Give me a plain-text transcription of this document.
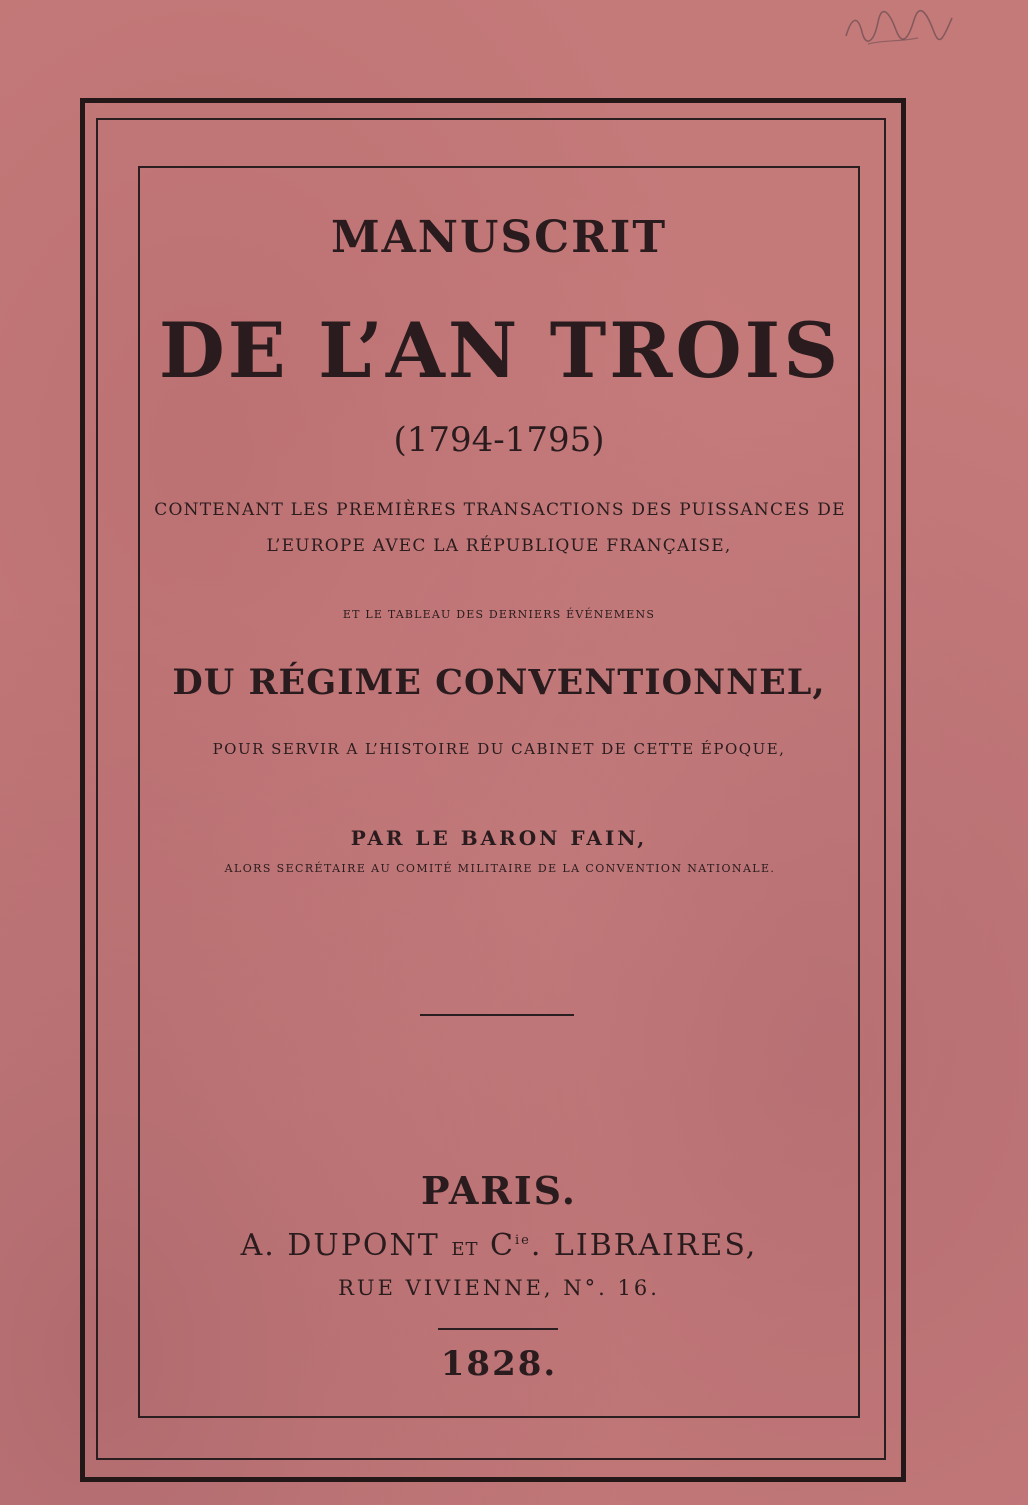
MANUSCRIT

DE L’AN TROIS

(1794-1795)

CONTENANT LES PREMIÈRES TRANSACTIONS DES PUISSANCES DE

L’EUROPE AVEC LA RÉPUBLIQUE FRANÇAISE,

ET LE TABLEAU DES DERNIERS ÉVÉNEMENS

DU RÉGIME CONVENTIONNEL,

POUR SERVIR A L’HISTOIRE DU CABINET DE CETTE ÉPOQUE,

PAR LE BARON FAIN,

ALORS SECRÉTAIRE AU COMITÉ MILITAIRE DE LA CONVENTION NATIONALE.

PARIS.

A. DUPONT ET $C^{ie}$. LIBRAIRES,

RUE VIVIENNE, N°. 16.

1828.
